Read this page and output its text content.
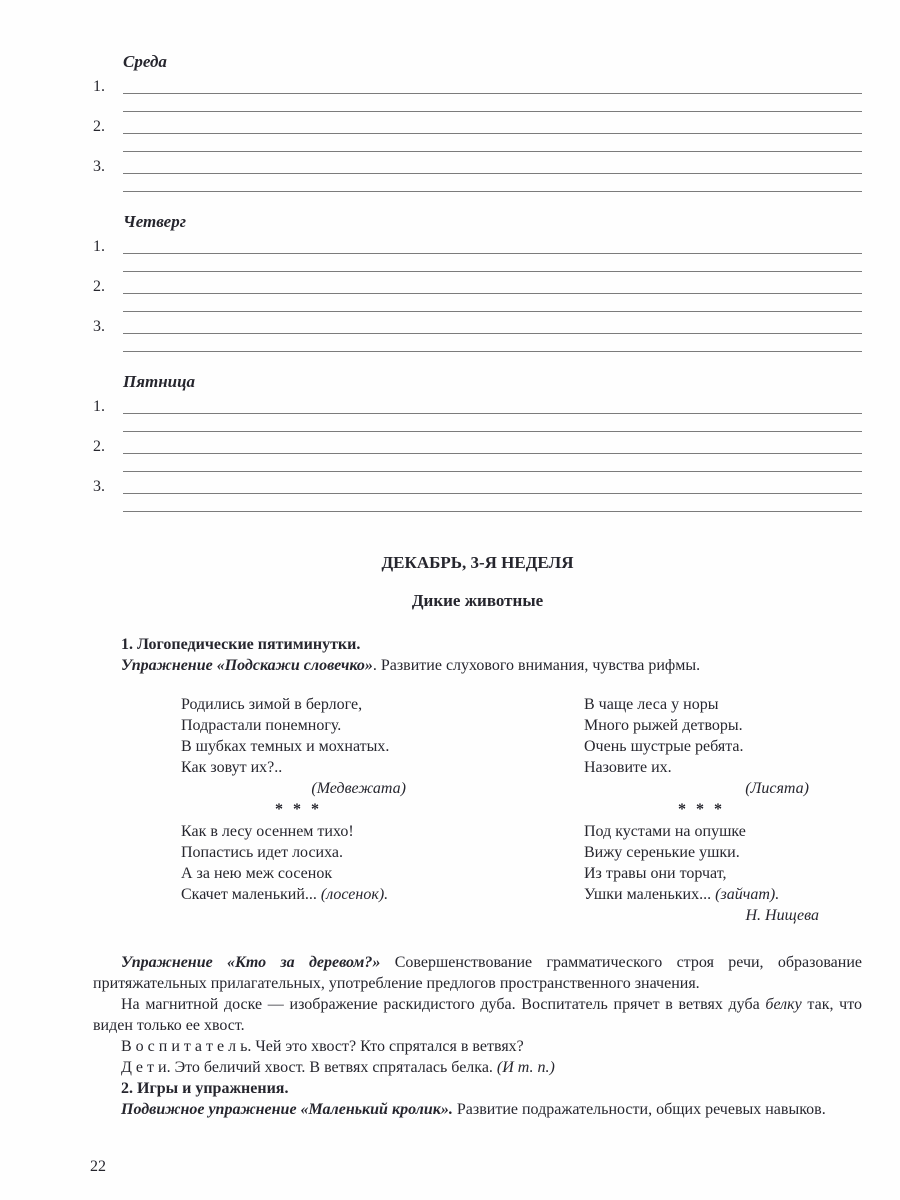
Среда
1.
2.
3.
Четверг
1.
2.
3.
Пятница
1.
2.
3.
ДЕКАБРЬ, 3-Я НЕДЕЛЯ
Дикие животные

1. Логопедические пятиминутки.

Упражнение «Подскажи словечко». Развитие слухового внимания, чувства рифмы.

Родились зимой в берлоге,
Подрастали понемногу.
В шубках темных и мохнатых.
Как зовут их?..
(Медвежата)
* * *
Как в лесу осеннем тихо!
Попастись идет лосиха.
А за нею меж сосенок
Скачет маленький... (лосенок).
В чаще леса у норы
Много рыжей детворы.
Очень шустрые ребята.
Назовите их.
(Лисята)
* * *
Под кустами на опушке
Вижу серенькие ушки.
Из травы они торчат,
Ушки маленьких... (зайчат).
Н. Нищева

Упражнение «Кто за деревом?» Совершенствование грамматического строя речи, образование притяжательных прилагательных, употребление предлогов пространственного значения.

На магнитной доске — изображение раскидистого дуба. Воспитатель прячет в ветвях дуба белку так, что виден только ее хвост.

В о с п и т а т е л ь. Чей это хвост? Кто спрятался в ветвях?

Д е т и. Это беличий хвост. В ветвях спряталась белка. (И т. п.)

2. Игры и упражнения.

Подвижное упражнение «Маленький кролик». Развитие подражательности, общих речевых навыков.

22
